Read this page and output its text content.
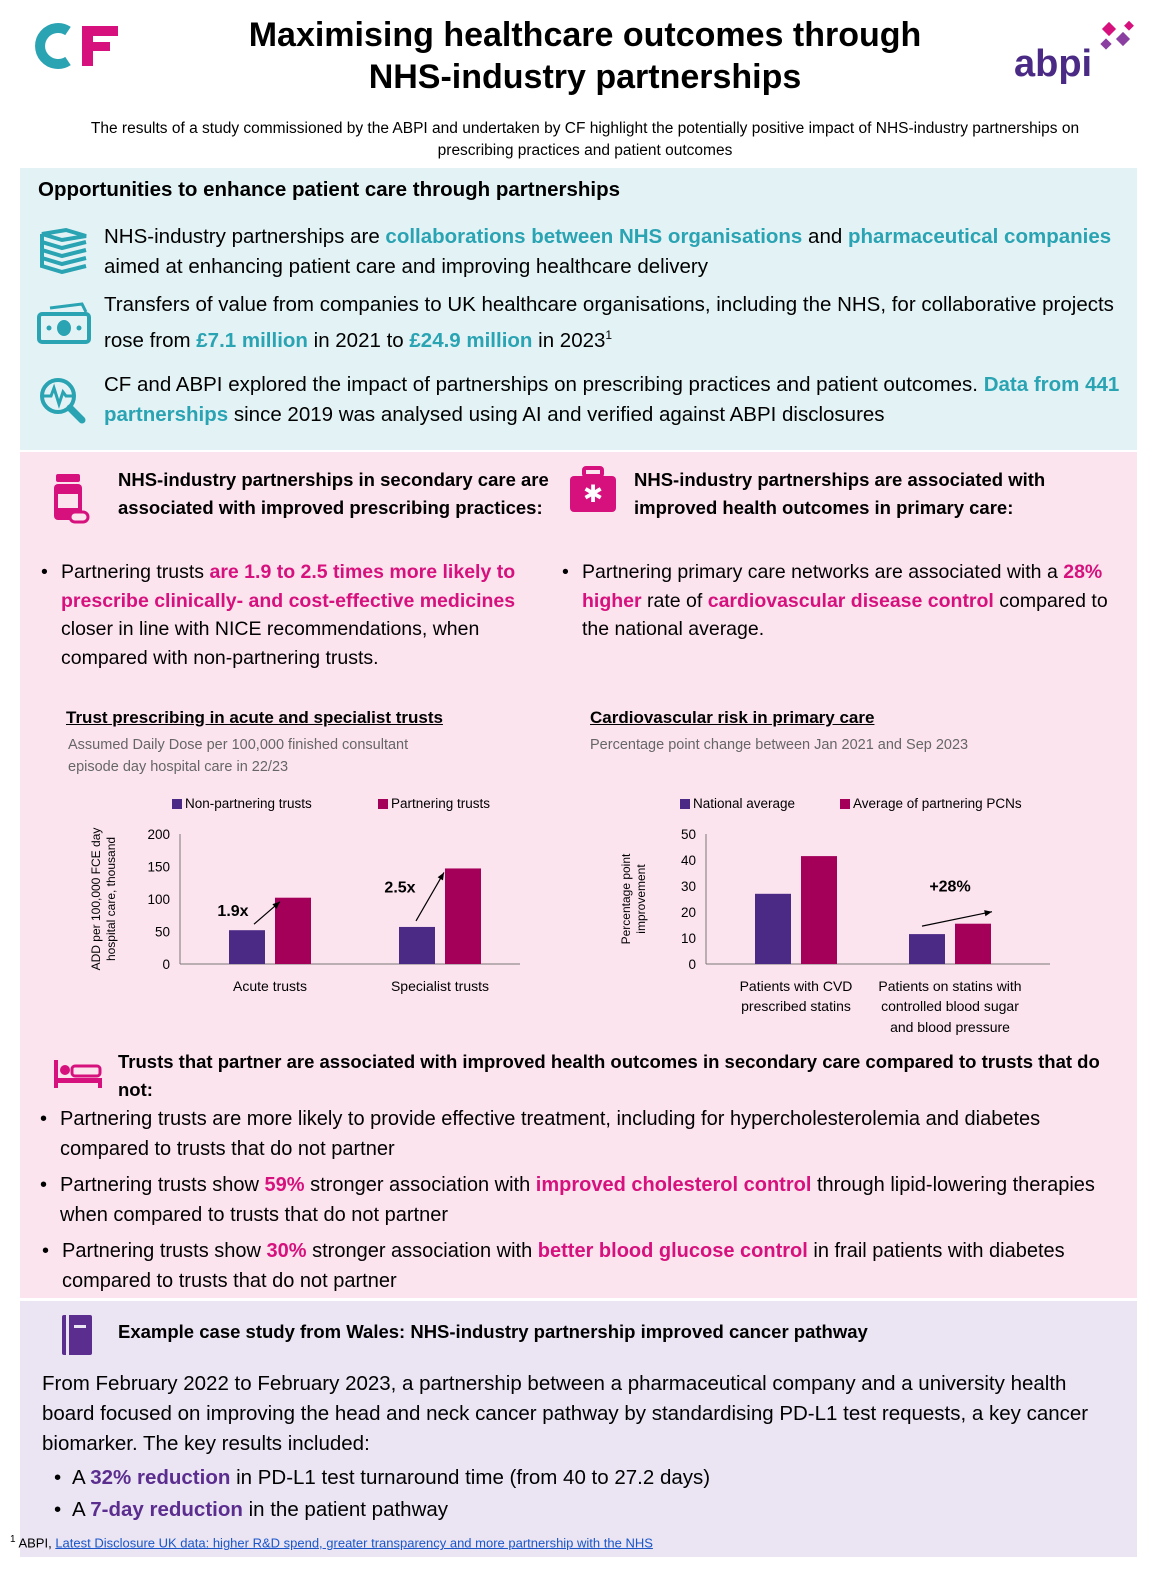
Maximising healthcare outcomes through
NHS-industry partnerships	abpi
The results of a study commissioned by the ABPI and undertaken by CF highlight the potentially positive impact of NHS-industry partnerships on prescribing practices and patient outcomes
Opportunities to enhance patient care through partnerships
NHS-industry partnerships are collaborations between NHS organisations and pharmaceutical companies aimed at enhancing patient care and improving healthcare delivery
Transfers of value from companies to UK healthcare organisations, including the NHS, for collaborative projects rose from £7.1 million in 2021 to £24.9 million in 2023$^1$
CF and ABPI explored the impact of partnerships on prescribing practices and patient outcomes. Data from 441 partnerships since 2019 was analysed using AI and verified against ABPI disclosures
NHS-industry partnerships in secondary care are associated with improved prescribing practices:
• Partnering trusts are 1.9 to 2.5 times more likely to prescribe clinically- and cost-effective medicines closer in line with NICE recommendations, when compared with non-partnering trusts.
✱
NHS-industry partnerships are associated with improved health outcomes in primary care:
• Partnering primary care networks are associated with a 28% higher rate of cardiovascular disease control compared to the national average.
Trust prescribing in acute and specialist trusts
Assumed Daily Dose per 100,000 finished consultant
episode day hospital care in 22/23
Cardiovascular risk in primary care
Percentage point change between Jan 2021 and Sep 2023
Non-partnering trusts	Partnering trusts
ADD per 100,000 FCE day hospital care, thousand
0
50
100
150
200
Acute trusts	Specialist trusts
1.9x
2.5x
National average	Average of partnering PCNs
Percentage point improvement
0
10
20
30
40
50
Patients with CVD
prescribed statins
Patients on statins with
controlled blood sugar
and blood pressure
+28%
Trusts that partner are associated with improved health outcomes in secondary care compared to trusts that do not:
• Partnering trusts are more likely to provide effective treatment, including for hypercholesterolemia and diabetes compared to trusts that do not partner
• Partnering trusts show 59% stronger association with improved cholesterol control through lipid-lowering therapies when compared to trusts that do not partner
• Partnering trusts show 30% stronger association with better blood glucose control in frail patients with diabetes compared to trusts that do not partner
Example case study from Wales: NHS-industry partnership improved cancer pathway
From February 2022 to February 2023, a partnership between a pharmaceutical company and a university health board focused on improving the head and neck cancer pathway by standardising PD-L1 test requests, a key cancer biomarker. The key results included:
• A 32% reduction in PD-L1 test turnaround time (from 40 to 27.2 days)
• A 7-day reduction in the patient pathway
$^1$ ABPI, Latest Disclosure UK data: higher R&D spend, greater transparency and more partnership with the NHS
